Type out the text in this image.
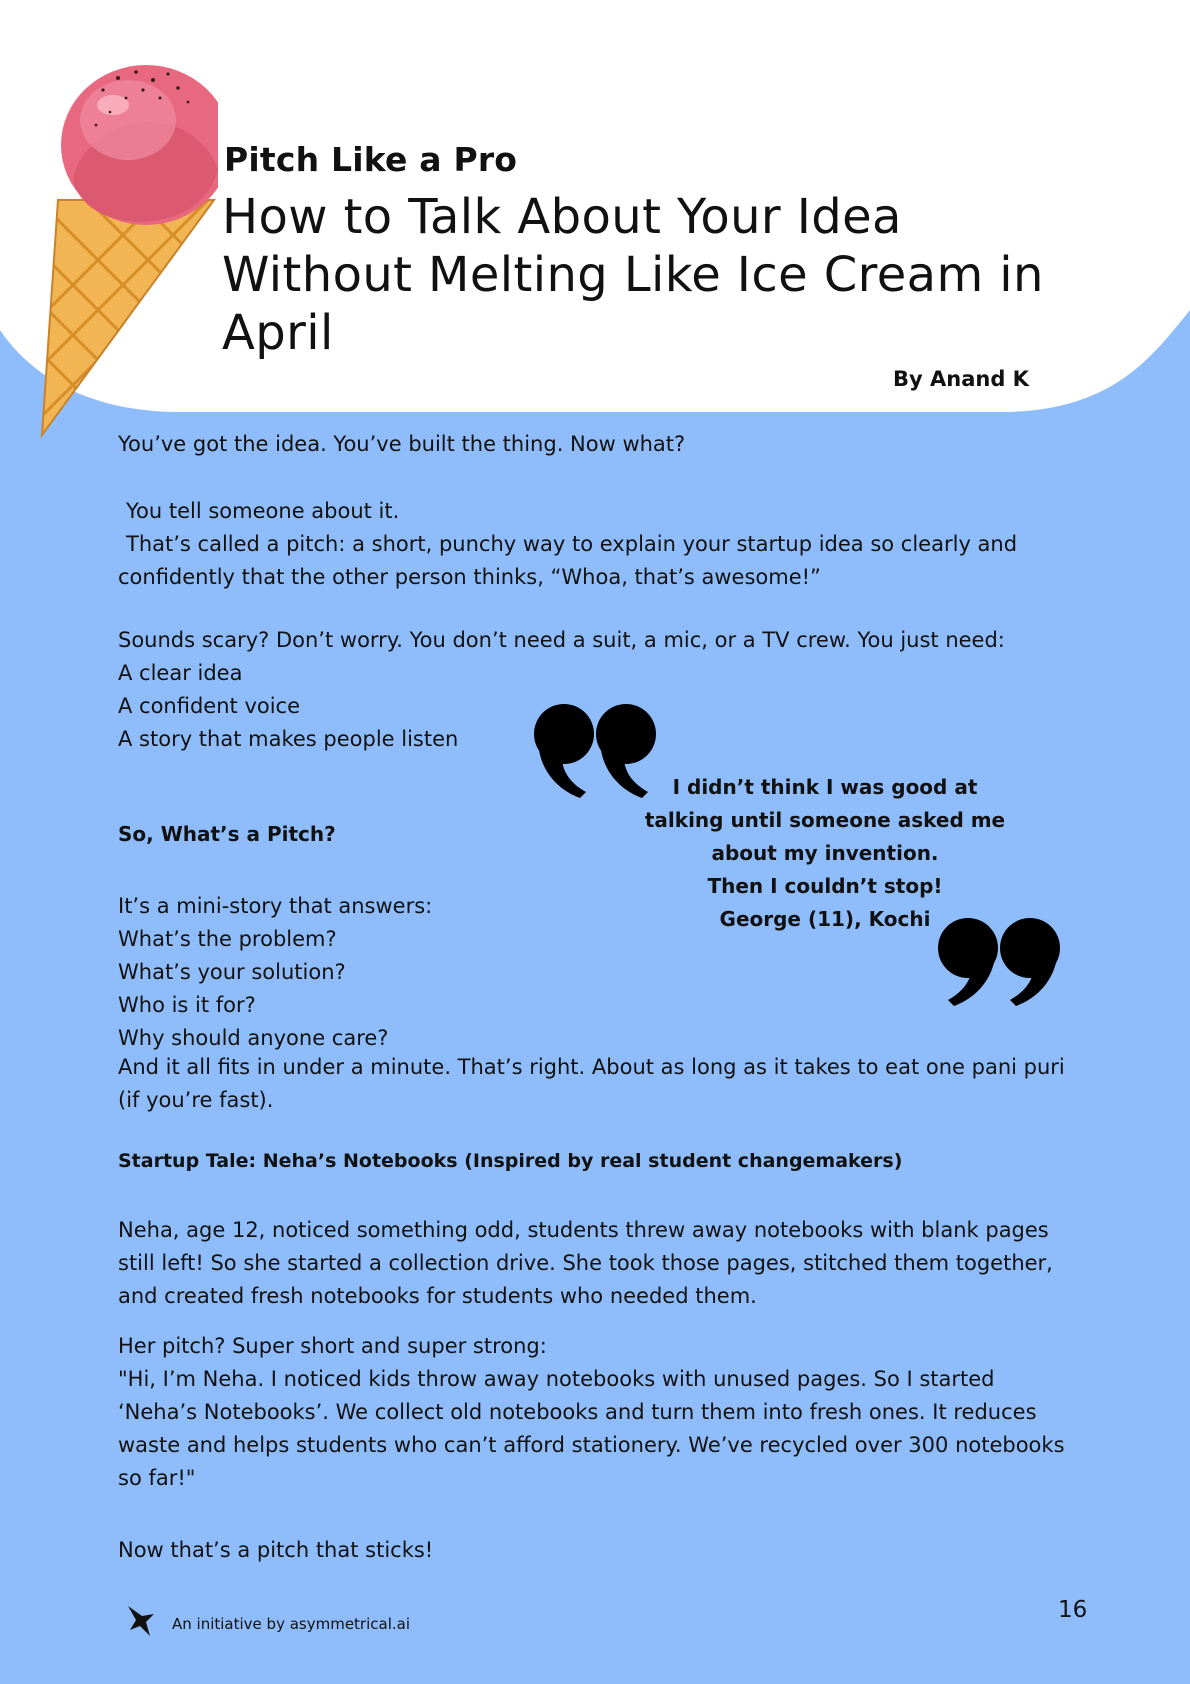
Pitch Like a Pro
How to Talk About Your Idea Without Melting Like Ice Cream in April

By Anand K

You’ve got the idea. You’ve built the thing. Now what?

You tell someone about it.

That’s called a pitch: a short, punchy way to explain your startup idea so clearly and confidently that the other person thinks, “Whoa, that’s awesome!”

Sounds scary? Don’t worry. You don’t need a suit, a mic, or a TV crew. You just need:

A clear idea

A confident voice

A story that makes people listen

So, What’s a Pitch?

It’s a mini-story that answers:

What’s the problem?

What’s your solution?

Who is it for?

Why should anyone care?

And it all fits in under a minute. That’s right. About as long as it takes to eat one pani puri (if you’re fast).

I didn’t think I was good at

talking until someone asked me

about my invention.

Then I couldn’t stop!

George (11), Kochi

Startup Tale: Neha’s Notebooks (Inspired by real student changemakers)

Neha, age 12, noticed something odd, students threw away notebooks with blank pages still left! So she started a collection drive. She took those pages, stitched them together, and created fresh notebooks for students who needed them.

Her pitch? Super short and super strong:

"Hi, I’m Neha. I noticed kids throw away notebooks with unused pages. So I started ‘Neha’s Notebooks’. We collect old notebooks and turn them into fresh ones. It reduces waste and helps students who can’t afford stationery. We’ve recycled over 300 notebooks so far!"

Now that’s a pitch that sticks!

An initiative by asymmetrical.ai

16
